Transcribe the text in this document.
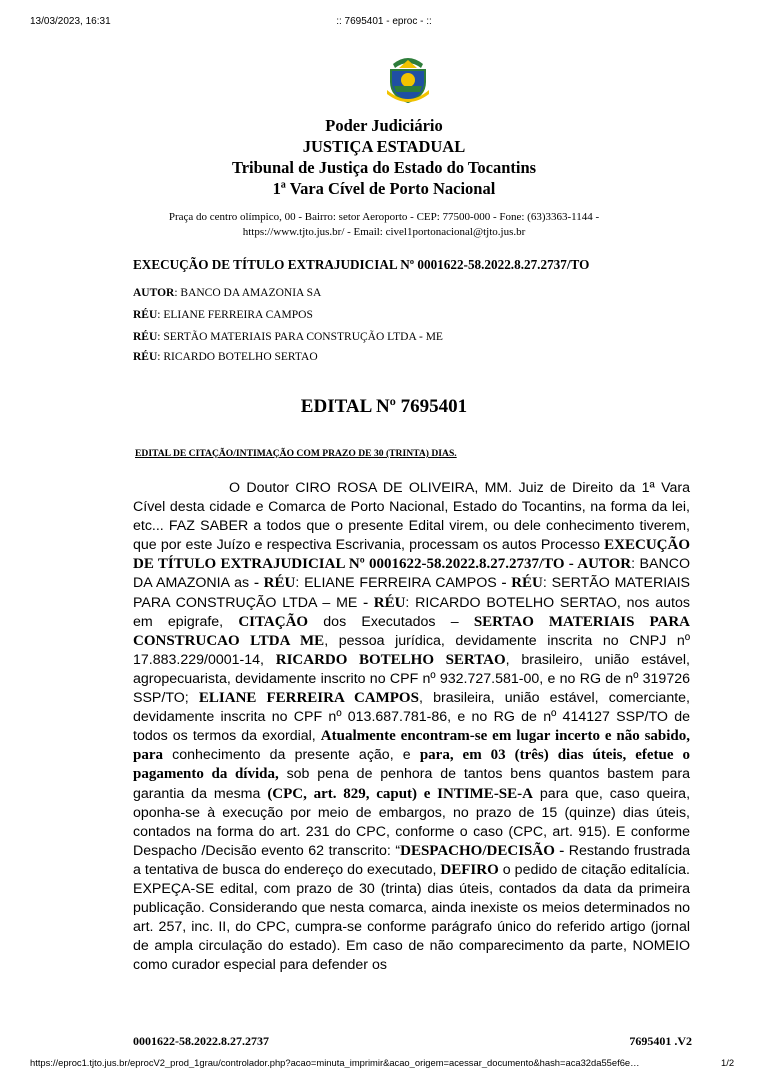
13/03/2023, 16:31	:: 7695401 - eproc - ::
Poder Judiciário
JUSTIÇA ESTADUAL
Tribunal de Justiça do Estado do Tocantins
1ª Vara Cível de Porto Nacional
Praça do centro olímpico, 00 - Bairro: setor Aeroporto - CEP: 77500-000 - Fone: (63)3363-1144 -
https://www.tjto.jus.br/ - Email: civel1portonacional@tjto.jus.br
EXECUÇÃO DE TÍTULO EXTRAJUDICIAL Nº 0001622-58.2022.8.27.2737/TO
AUTOR: BANCO DA AMAZONIA SA
RÉU: ELIANE FERREIRA CAMPOS
RÉU: SERTÃO MATERIAIS PARA CONSTRUÇÃO LTDA - ME
RÉU: RICARDO BOTELHO SERTAO
EDITAL Nº 7695401
EDITAL DE CITAÇÃO/INTIMAÇÃO COM PRAZO DE 30 (TRINTA) DIAS.

O Doutor CIRO ROSA DE OLIVEIRA, MM. Juiz de Direito da 1ª Vara Cível desta cidade e Comarca de Porto Nacional, Estado do Tocantins, na forma da lei, etc... FAZ SABER a todos que o presente Edital virem, ou dele conhecimento tiverem, que por este Juízo e respectiva Escrivania, processam os autos Processo EXECUÇÃO DE TÍTULO EXTRAJUDICIAL Nº 0001622-58.2022.8.27.2737/TO - AUTOR: BANCO DA AMAZONIA as - RÉU: ELIANE FERREIRA CAMPOS - RÉU: SERTÃO MATERIAIS PARA CONSTRUÇÃO LTDA – ME - RÉU: RICARDO BOTELHO SERTAO, nos autos em epigrafe, CITAÇÃO dos Executados – SERTAO MATERIAIS PARA CONSTRUCAO LTDA ME, pessoa jurídica, devidamente inscrita no CNPJ nº 17.883.229/0001-14, RICARDO BOTELHO SERTAO, brasileiro, união estável, agropecuarista, devidamente inscrito no CPF nº 932.727.581-00, e no RG de nº 319726 SSP/TO; ELIANE FERREIRA CAMPOS, brasileira, união estável, comerciante, devidamente inscrita no CPF nº 013.687.781-86, e no RG de nº 414127 SSP/TO de todos os termos da exordial, Atualmente encontram-se em lugar incerto e não sabido, para conhecimento da presente ação, e para, em 03 (três) dias úteis, efetue o pagamento da dívida, sob pena de penhora de tantos bens quantos bastem para garantia da mesma (CPC, art. 829, caput) e INTIME-SE-A para que, caso queira, oponha-se à execução por meio de embargos, no prazo de 15 (quinze) dias úteis, contados na forma do art. 231 do CPC, conforme o caso (CPC, art. 915). E conforme Despacho /Decisão evento 62 transcrito: “DESPACHO/DECISÃO - Restando frustrada a tentativa de busca do endereço do executado, DEFIRO o pedido de citação editalícia. EXPEÇA-SE edital, com prazo de 30 (trinta) dias úteis, contados da data da primeira publicação. Considerando que nesta comarca, ainda inexiste os meios determinados no art. 257, inc. II, do CPC, cumpra-se conforme parágrafo único do referido artigo (jornal de ampla circulação do estado). Em caso de não comparecimento da parte, NOMEIO como curador especial para defender os

0001622-58.2022.8.27.2737	7695401 .V2
https://eproc1.tjto.jus.br/eprocV2_prod_1grau/controlador.php?acao=minuta_imprimir&acao_origem=acessar_documento&hash=aca32da55ef6e…	1/2
